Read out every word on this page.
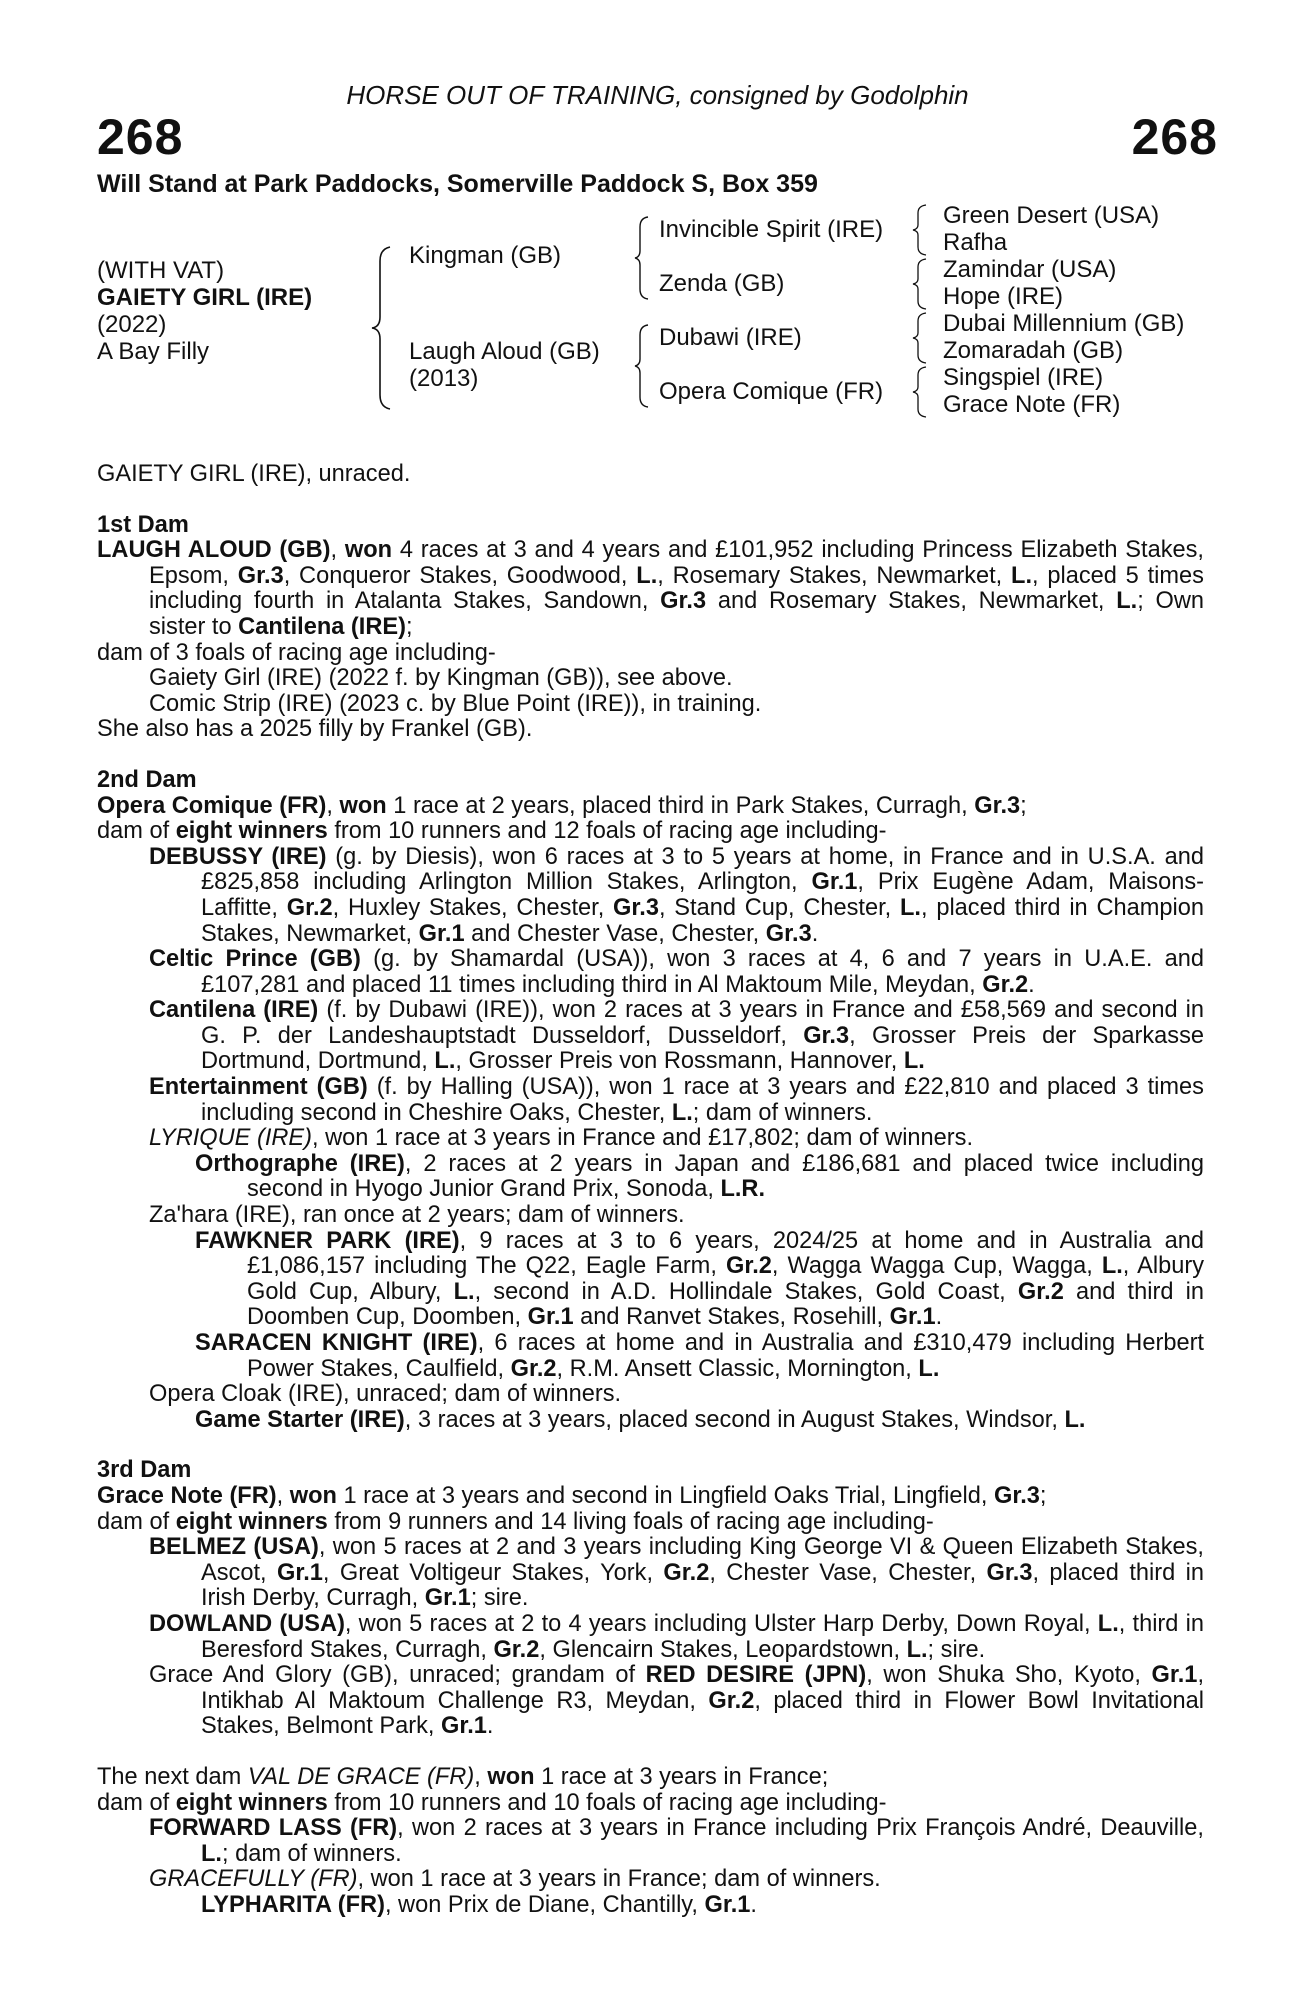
HORSE OUT OF TRAINING, consigned by Godolphin
268	268
Will Stand at Park Paddocks, Somerville Paddock S, Box 359
(WITH VAT)
GAIETY GIRL (IRE)
(2022)
A Bay Filly
Kingman (GB)
Laugh Aloud (GB)
(2013)
Invincible Spirit (IRE)
Zenda (GB)
Dubawi (IRE)
Opera Comique (FR)
Green Desert (USA)
Rafha
Zamindar (USA)
Hope (IRE)
Dubai Millennium (GB)
Zomaradah (GB)
Singspiel (IRE)
Grace Note (FR)

GAIETY GIRL (IRE), unraced.

1st Dam

LAUGH ALOUD (GB), won 4 races at 3 and 4 years and £101,952 including Princess Elizabeth Stakes, Epsom, Gr.3, Conqueror Stakes, Goodwood, L., Rosemary Stakes, Newmarket, L., placed 5 times including fourth in Atalanta Stakes, Sandown, Gr.3 and Rosemary Stakes, Newmarket, L.; Own sister to Cantilena (IRE);

dam of 3 foals of racing age including-

Gaiety Girl (IRE) (2022 f. by Kingman (GB)), see above.

Comic Strip (IRE) (2023 c. by Blue Point (IRE)), in training.

She also has a 2025 filly by Frankel (GB).

2nd Dam

Opera Comique (FR), won 1 race at 2 years, placed third in Park Stakes, Curragh, Gr.3;

dam of eight winners from 10 runners and 12 foals of racing age including-

DEBUSSY (IRE) (g. by Diesis), won 6 races at 3 to 5 years at home, in France and in U.S.A. and £825,858 including Arlington Million Stakes, Arlington, Gr.1, Prix Eugène Adam, Maisons-Laffitte, Gr.2, Huxley Stakes, Chester, Gr.3, Stand Cup, Chester, L., placed third in Champion Stakes, Newmarket, Gr.1 and Chester Vase, Chester, Gr.3.

Celtic Prince (GB) (g. by Shamardal (USA)), won 3 races at 4, 6 and 7 years in U.A.E. and £107,281 and placed 11 times including third in Al Maktoum Mile, Meydan, Gr.2.

Cantilena (IRE) (f. by Dubawi (IRE)), won 2 races at 3 years in France and £58,569 and second in G. P. der Landeshauptstadt Dusseldorf, Dusseldorf, Gr.3, Grosser Preis der Sparkasse Dortmund, Dortmund, L., Grosser Preis von Rossmann, Hannover, L.

Entertainment (GB) (f. by Halling (USA)), won 1 race at 3 years and £22,810 and placed 3 times including second in Cheshire Oaks, Chester, L.; dam of winners.

LYRIQUE (IRE), won 1 race at 3 years in France and £17,802; dam of winners.

Orthographe (IRE), 2 races at 2 years in Japan and £186,681 and placed twice including second in Hyogo Junior Grand Prix, Sonoda, L.R.

Za'hara (IRE), ran once at 2 years; dam of winners.

FAWKNER PARK (IRE), 9 races at 3 to 6 years, 2024/25 at home and in Australia and £1,086,157 including The Q22, Eagle Farm, Gr.2, Wagga Wagga Cup, Wagga, L., Albury Gold Cup, Albury, L., second in A.D. Hollindale Stakes, Gold Coast, Gr.2 and third in Doomben Cup, Doomben, Gr.1 and Ranvet Stakes, Rosehill, Gr.1.

SARACEN KNIGHT (IRE), 6 races at home and in Australia and £310,479 including Herbert Power Stakes, Caulfield, Gr.2, R.M. Ansett Classic, Mornington, L.

Opera Cloak (IRE), unraced; dam of winners.

Game Starter (IRE), 3 races at 3 years, placed second in August Stakes, Windsor, L.

3rd Dam

Grace Note (FR), won 1 race at 3 years and second in Lingfield Oaks Trial, Lingfield, Gr.3;

dam of eight winners from 9 runners and 14 living foals of racing age including-

BELMEZ (USA), won 5 races at 2 and 3 years including King George VI & Queen Elizabeth Stakes, Ascot, Gr.1, Great Voltigeur Stakes, York, Gr.2, Chester Vase, Chester, Gr.3, placed third in Irish Derby, Curragh, Gr.1; sire.

DOWLAND (USA), won 5 races at 2 to 4 years including Ulster Harp Derby, Down Royal, L., third in Beresford Stakes, Curragh, Gr.2, Glencairn Stakes, Leopardstown, L.; sire.

Grace And Glory (GB), unraced; grandam of RED DESIRE (JPN), won Shuka Sho, Kyoto, Gr.1, Intikhab Al Maktoum Challenge R3, Meydan, Gr.2, placed third in Flower Bowl Invitational Stakes, Belmont Park, Gr.1.

The next dam VAL DE GRACE (FR), won 1 race at 3 years in France;

dam of eight winners from 10 runners and 10 foals of racing age including-

FORWARD LASS (FR), won 2 races at 3 years in France including Prix François André, Deauville, L.; dam of winners.

GRACEFULLY (FR), won 1 race at 3 years in France; dam of winners.

LYPHARITA (FR), won Prix de Diane, Chantilly, Gr.1.
